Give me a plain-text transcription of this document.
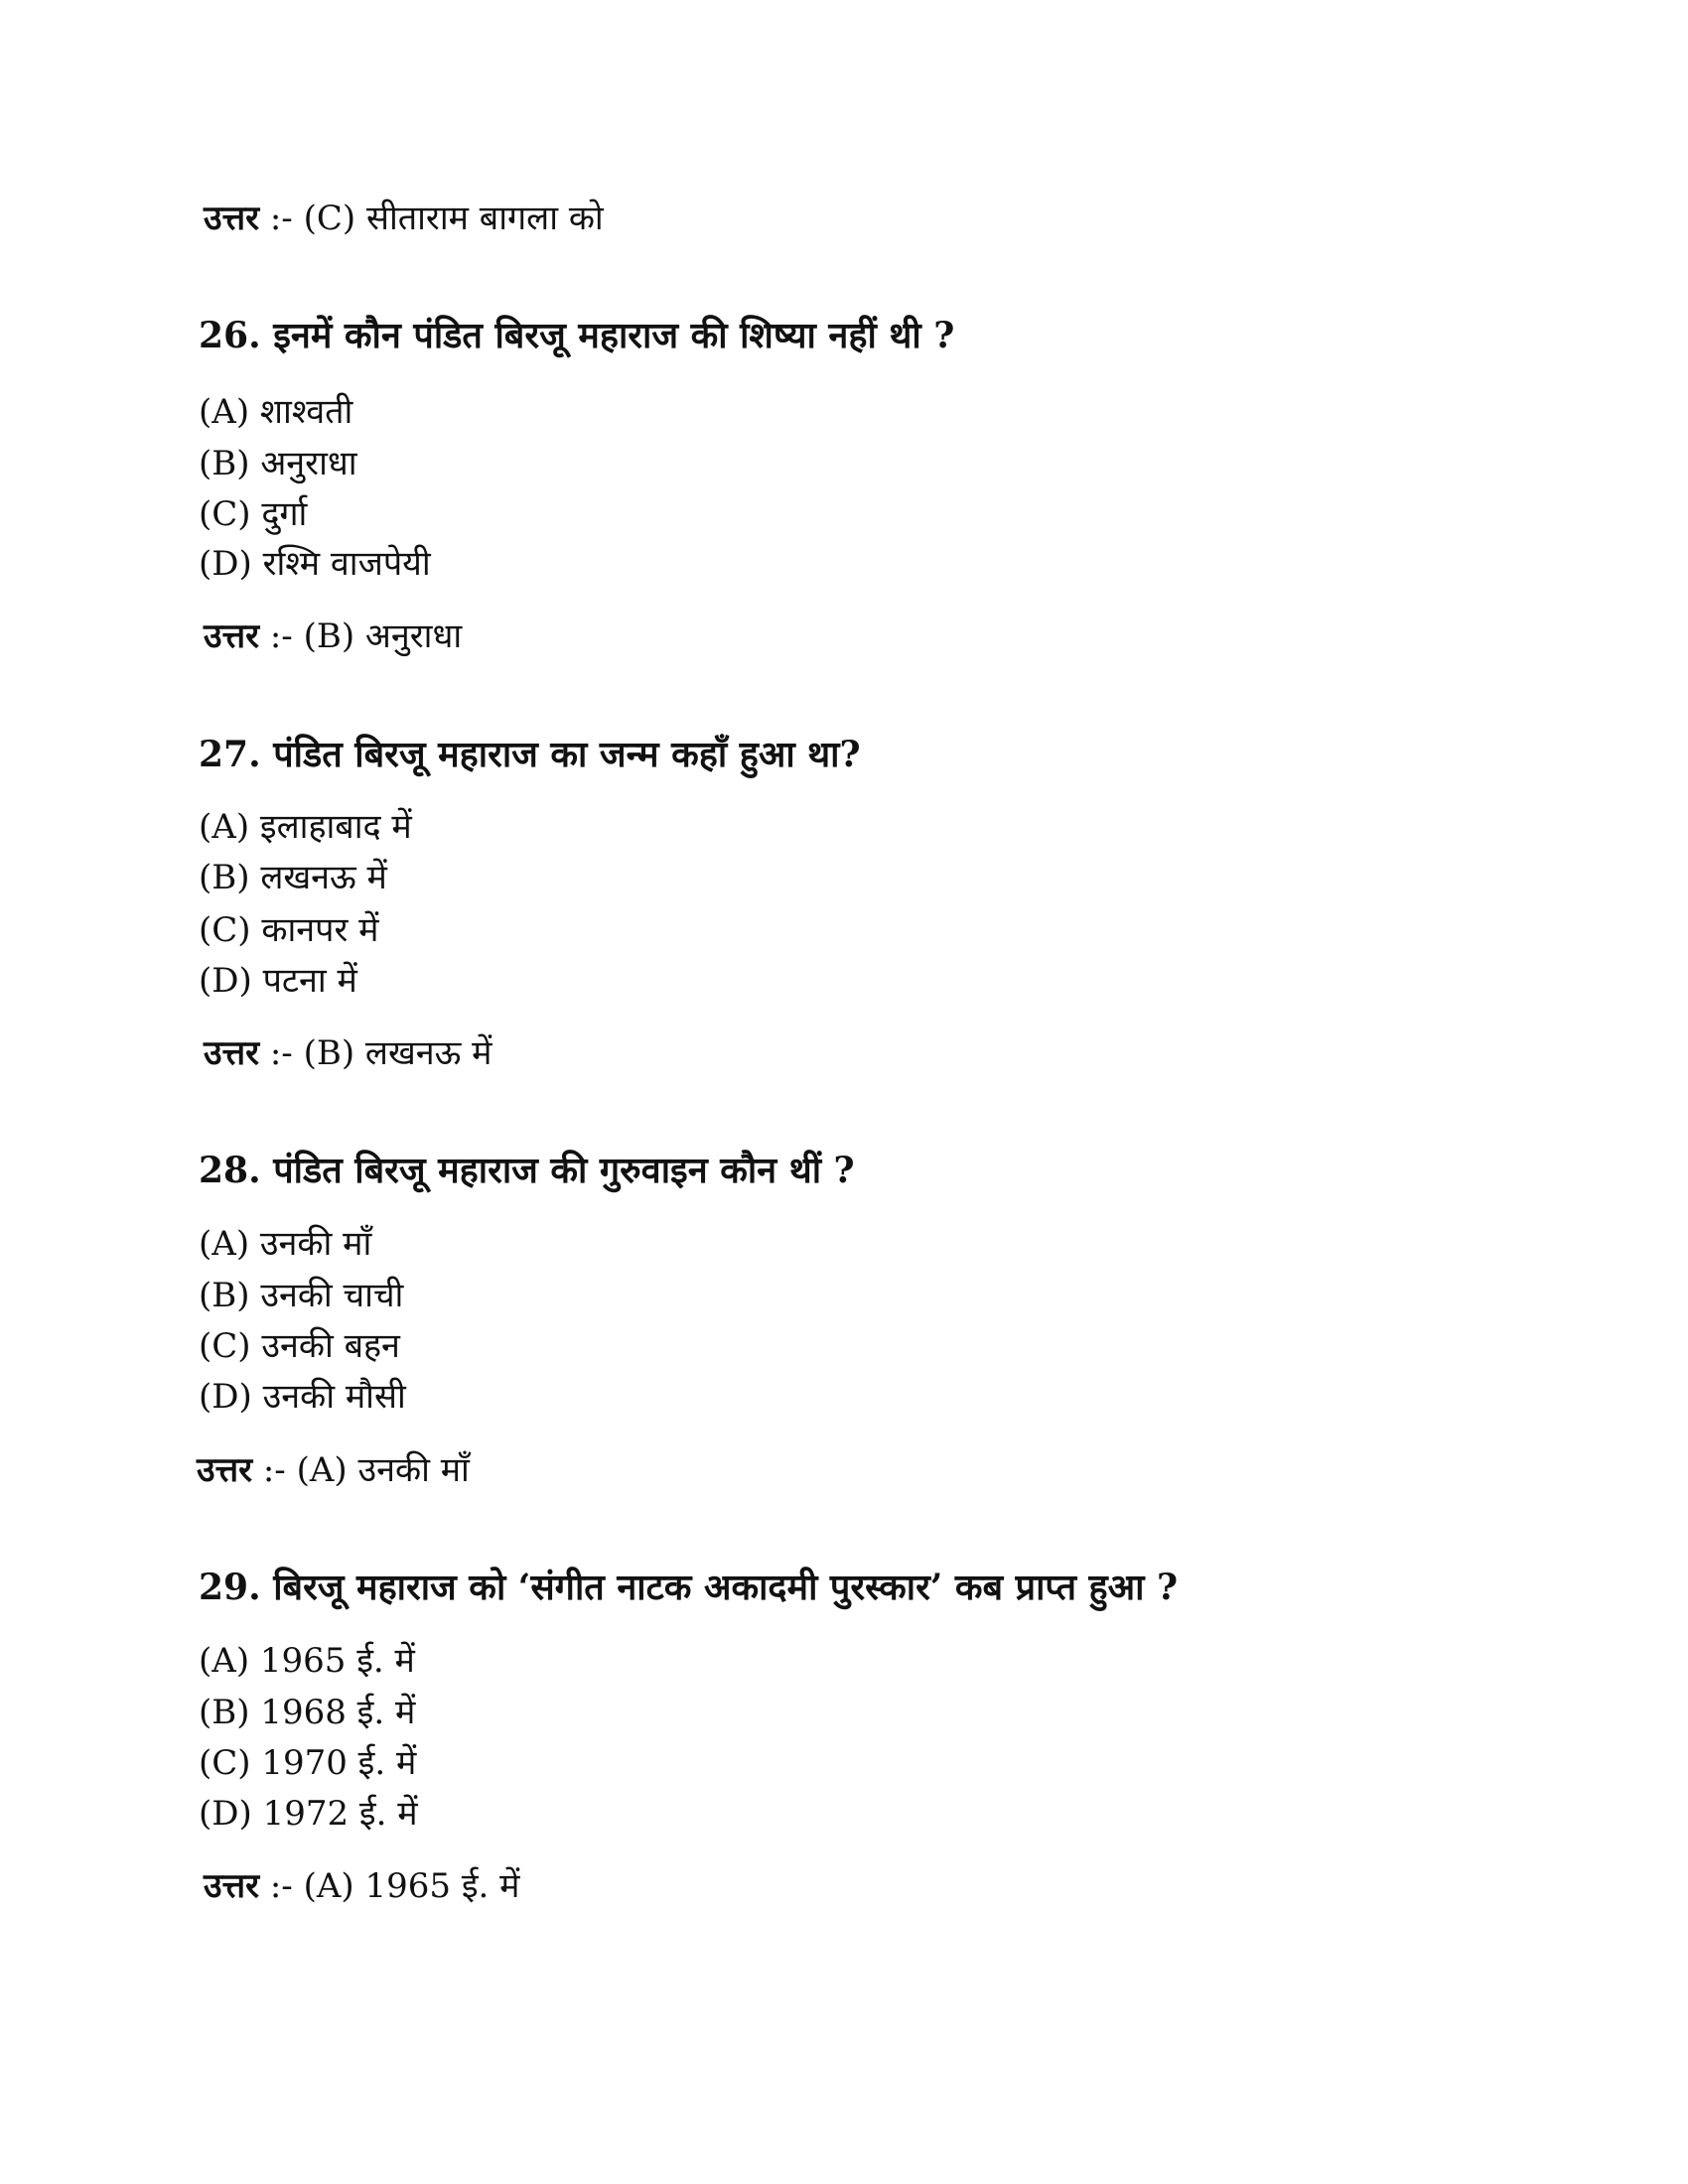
उत्तर :- (C) सीताराम बागला को
26. इनमें कौन पंडित बिरजू महाराज की शिष्या नहीं थी ?
(A) शाश्वती
(B) अनुराधा
(C) दुर्गा
(D) रश्मि वाजपेयी
उत्तर :- (B) अनुराधा
27. पंडित बिरजू महाराज का जन्म कहाँ हुआ था?
(A) इलाहाबाद में
(B) लखनऊ में
(C) कानपर में
(D) पटना में
उत्तर :- (B) लखनऊ में
28. पंडित बिरजू महाराज की गुरुवाइन कौन थीं ?
(A) उनकी माँ
(B) उनकी चाची
(C) उनकी बहन
(D) उनकी मौसी
उत्तर :- (A) उनकी माँ
29. बिरजू महाराज को ‘संगीत नाटक अकादमी पुरस्कार’ कब प्राप्त हुआ ?
(A) 1965 ई. में
(B) 1968 ई. में
(C) 1970 ई. में
(D) 1972 ई. में
उत्तर :- (A) 1965 ई. में
